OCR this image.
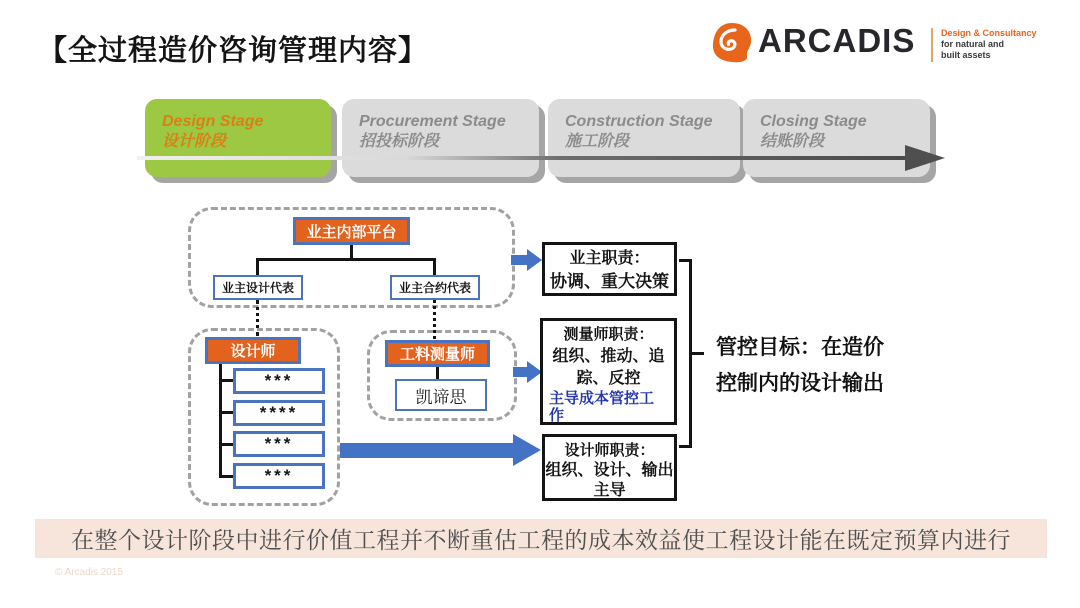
【全过程造价咨询管理内容】	ARCADIS	Design & Consultancy
for natural and
built assets
Design Stage
设计阶段
Procurement Stage
招投标阶段
Construction Stage
施工阶段
Closing Stage
结账阶段
业主内部平台
业主设计代表	业主合约代表
设计师
***
****
***
***
工料测量师
凯谛思
业主职责：
协调、重大决策
测量师职责：
组织、推动、追踪、反控
主导成本管控工作
设计师职责：
组织、设计、输出主导
管控目标：在造价控制内的设计输出
在整个设计阶段中进行价值工程并不断重估工程的成本效益使工程设计能在既定预算内进行
© Arcadis 2015
